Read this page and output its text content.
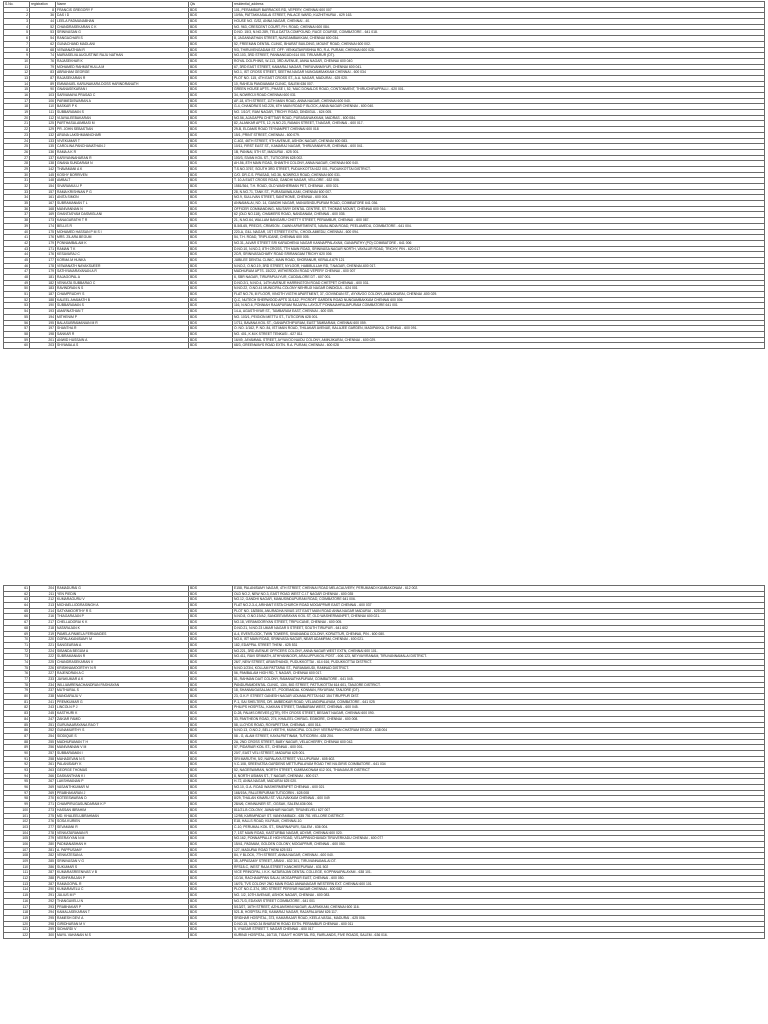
S.No.	registration	Name	Qls	residential_address
1	8	FRANCIS GREGORY F	BDS	101, PERAMBUR BARRACKS RD, VEPERY, CHENNAI 600 007
2	36	DAS I D	BDS	10/9A, PATTAKKASALAI STREET, PALACE WARD, KUZHITHURAI - 629 163.
3	44	LEELA PADMANABHAN	BDS	HOUSE NO. G/32, ANNA NAGAR, CHENNAI - 40.
4	52	CHANDRASEKARAN C K	BDS	NO. 963, CRESCENT COURT, P.H. ROAD, CHENNAI 600 084.
5	53	SRINIVASAN G	BDS	D.NO. 15/3, N.NO.289, TELA DATTA COMPOUND, RACE COURSE, COIMBATORE - 641 018.
6	54	RANGACHARI S	BDS	8, JAGANNATHAN STREET, NUNGAMBAKKAM, CHENNAI 600 034.
7	62	GUNACHAND MADLANI	BDS	52, FREEMAN DENTAL CLINIC, BHARAT BUILDING, MOUNT ROAD, CHENNAI 600 002.
8	68	VISWANATHAN R	BDS	9/3, THIRUVENGADAM ST. OFF: VENKATAKRISHNA RD, R.A. PURAM, CHENNAI 600 028.
9	74	MARIASELVA AUGUSTINE RAJU NATHAN	BDS	NO.103, 3RD STREET, PANNANGUDI 614 001 TIRUVARUR (DT).
10	76	RAJASEKHAR K	BDS	ROYAL DOLPHINS, W-113, 3RD AVENUE, ANNA NAGAR, CHENNAI 600 040.
11	79	MOHAMED RAHMATHULLA M	BDS	67, 3RD EAST STREET, KAMARAJ NAGAR, THIRUVANMIYUR, CHENNAI 600 041.
12	83	ABRAHAM GEORGE	BDS	NO.1, IST CROSS STREET, SEETHA NAGAR NUNGAMBAKKAM CHENNAI - 600 034
13	87	RAJASEKARAN R	BDS	PLOT NO. 115, 4TH EAST CROSS ST., A.A. NAGAR, MADURAI - 625 020.
14	89	EMMANUEL KARUNAKARA DOSS HARINDRANATH	BDS	10, RAHEJA PANDIAMAM CLINIC, SALEM 636 007.
15	90	GNANASEKARAN I	BDS	GREEN HOUSE APTS., PHASE I, 52, 'MAC DONALDS ROAD, CONTONMENT, THIRUCHIRAPPALLI - 620 001.
16	103	SARVAMAYA PRASAD C	BDS	34, NOWROJI ROAD CHENNAI 600 031
17	106	PARIMEDISWARAN A	BDS	AF-18, 6TH STREET, 11TH MAIN ROAD, ANNA NAGAR, CHENNAI 600 040.
18	110	BASKAR P K	BDS	G-4, CHANDRA'S NO.226, 6TH MAIN ROAD F BLOCK, ANNA NAGAR CHENNAI - 600 040.
19	111	SUBBARAMAN S	BDS	NO. 1/10/7, RAM NAGAR, TRICHY ROAD, DINDIGUL - 624 005.
20	112	VIJAYALEEBAKARAN	BDS	NO.56, AJAGAPPA CHETTIAR ROAD, PURASAIWAKKAM, MADRAS - 600 084.
21	125	PARTHASULAIMBASI M	BDS	82, ALANKAR APTS, 12, N.NO.23, RAMAN STREET, T.NAGAR, CHENNAI - 600 017.
22	129	PR. JOHN SEBASTIAN	BDS	29-B, ELDAMS ROAD TEYNAMPET CHENNAI 600 018
23	132	ARUNA LAKSHMANNCHARI	BDS	15/1, PRINT STREET, CHENNAI - 600 079.
24	133	VIVEKUMAR T	BDS	C-402, 46TH STREET, 9TH AVENUE, ASHOK NAGAR, CHENNAI 600 083.
25	135	CAROLINA PANCHANATHAN J	BDS	10/11, FIRST EAST ST., KAMARAJ NAGAR, THIRUVANMIYUR, CHENNAI - 600 041.
26	136	RAMA A K R	BDS	1B, PANNAI, 5TH ST, MADURAI - 625 001.
27	137	KARIYANNAHARAN R	BDS	100/3, SIVAN KOIL ST., TUTICORIN 628 002.
28	138	GNANA SUNDARAM N	BDS	AH-56, 8TH MAIN ROAD, SHANTHI COLONY, ANNA NAGAR, CHENNAI 600 040.
29	142	THAVAMANI A K	BDS	T.S.NO.3767, SOUTH 3RD STREET, PUDUKKOTTAI 622 001, PUDUKKOTTAI DISTRICT.
30	145	KOSHY BORRIVEN	BDS	C/O. DR.C.S. PRASAD, NO.36, NOWROJI ROAD, CHENNAI 600 031.
31	148	AMBALT	BDS	T. 10-A EAST CROSS ROAD, GANDHI NAGAR, VELLORE - 632 006.
32	154	SIVARAMULU P	BDS	1581/364, T.H. ROAD, OLD WASHERMAN PET, CHENNAI - 600 021.
33	157	RAMA KRISHNAN P G	BDS	28, N.NO.71, TANK ST., PURASAIWALKAM, CHENNAI 600 007.
34	161	ANITA SIMON	BDS	NO.9, SULLIVAN STREET, SANTHOME, CHENNAI - 600 004.
35	167	SUBRAMANIAN T L	BDS	ANNAMALAI, NO. 14, GANDHI NAGAR, MANUSINDUPURAM ROAD, COIMBATORE 641 036.
36	168	MANIVANNAN N	BDS	OFFICER COMMANDING- MILITARY DENTAL CENTRE, ST. THOMAS MOUNT, CHENNAI 600 016.
37	169	GHANTASYAM DASMIGLANI	BDS	62 (OLD NO.118), CHAMIERS ROAD, NANDANAM, CHENNAI - 600 035.
38	173	KANAGARATHI T R	BDS	21, N.NO.64, WALLAM BANGARU CHETTY STREET, PERAMBUR, CHENNAI - 600 087.
39	174	BELLIS R	BDS	B-5/8-65, PRECIS, CRIMSON - DAWN APARTMENTS, NAVALINDIA ROAD, PEELAMEDU, COIMBATORE - 641 004.
40	175	MOHAMED HASSAN P M S I	BDS	220-A, GILL NAGAR, 1ST STREET EXTN., CHOOLAIMEDU, CHENNAI - 600 094.
41	176	MRS. ZILARA BEGUM	BDS	54, T.H. ROAD, TRIPLICANE, CHENNAI 600 005.
42	179	PONNAMBALAM K	BDS	NO.31, ALVAR STREET SRI KARADHENU NAGAR KANNAPPALAYAM, GANAPATHY (PO) COIMBATORE - 641 006
43	171	RAMAN T K	BDS	D.NO.10, N.NO.2, 8TH CROSS, 7TH MAIN ROAD, SRINIVASA NAGAR NORTH, VAYALUR ROAD, TRICHY, PIN - 620 017
44	176	KESAVARAJ C	BDS	2C/9, SRINIVASACHARY ROAD SRIRANGAM TRICHY 620 006
45	177	KORMA M HUNKA	BDS	JUBILEE DENTAL CLINIC, MAIN ROAD, SHORANUR, KERALA 679 121
46	178	VISWANATH NAYAKSUEER	BDS	N.NO.2, O.NO.19, 3RD STREET, NYLOOR, HABIBULLAH RD, T.NAGAR, CHENNAI-600 017.
47	179	SATHYANARAYANAN A R	BDS	MADHURAM APTS. 15/222, WITHERDON ROAD VEPERY CHENNAI - 600 007
48	181	RAJAGOPAL A	BDS	6, SBR NAGAR, TIRUPAPULIYUR, CUDDALORE DT - 607 001.
49	182	VENKATA SUBBARAO C	BDS	D.NO.2/1, N.NO.4, 14TH AVENUE HARRINGTON ROAD CHETPET CHENNAI - 600 031.
50	183	RAVINDRAN N S	BDS	N.NO.22, O.NO.41 MUNICIPAL COLONY NEHRUJI NAGAR DINDIGUL - 624 001
51	187	CHAMPRUDHY S	BDS	FLAT NO.76, III FLOOR, VINOTH VIGTHI APARTMENT, 37, GOVINDAN ST., AYYAVOO COLONY, AMINJIKARAI, CHENNAI -600 029.
52	188	KALEEL AHAMATH B	BDS	Q-C, NUTECH SHERWOOD APTS 31/1&2, PYCROFT GARDEN ROAD NUNGAMBAKKAM CHENNAI 600 006
53	190	SUBBARAMAN S	BDS	116, N.NO.6, PONNIAH RAJAPURAM RAJAPAL LAYOUT PONNAIAHRAJAPURAM COIMBATORE 641 001
54	193	AMARNATHAN T	BDS	14-A, AGASTHIYAR ST., TAMBARAM EAST, CHENNAI - 600 059.
55	194	MITHENIM P	BDS	NO. 103/1, PEIGION METTU ST., TUTICORIN 628 001.
56	195	BALASUBRAMANIAN M R	BDS	1/711, BAVANA KOIL ST., GANAPATHIPURAM, EAST TAMBARAM, CHENNAI 600 059.
57	197	SHANTHA R	BDS	O. NO. 1/162, P. NO. 84, IST MAIN ROAD, THILAKAR AVENUE, BALAJEE GARDEN, MADIPAKKA, CHENNAI - 600 091.
58	198	SANKAR R	BDS	NO. 401, K.M.K STREET TENKASI - 627 811
59	201	ANWID HUSSAIN A	BDS	16/49, JAYAMMAL STREET, AYYAVOO NAIDU COLONY, AMINJIKARAI, CHENNAI - 600 029.
60	203	SHYAMALA S	BDS	68/3, GREENWAYS ROAD EXTN. R.A. PURAM, CHENNAI - 600 028
61	204	RAMADURAI G	BDS	E158, PALANISAMY NAGAR, 4TH STREET, CHENNAI ROAD MELACAUVERY, PERUMANDI KUMBAKONAM - 612 002.
62	211	YEN PIEDIN	BDS	OLD NO.2, NEW NO.3, EAST ROAD WEST C.I.T NAGAR CHENNAI - 600 035
63	212	KUMARAGURU V	BDS	NO.12, GANDHI NAGAR, MANUSINDUPURAM ROAD, COIMBATORE 641 006.
64	213	MICHAELLIODRASINGH A	BDS	FLAT NO.2-3-4, ARIHANT ESTA CHURCH ROAD MOGAPPAIR EAST CHENNAI - 600 037
65	214	SATYAMOORTHY R S	BDS	PLOT NO. 18/2806, ANURADHA NIVAS 1ST EAST MAIN ROAD ANNA NAGAR MADURAI - 625 020
66	216	THIAGARAJAN P	BDS	N.NO.8, O.NO.19/A2, SANGEEVARAYAN KOIL ST, OLD WASHERMANPET, CHENNAI 600 021.
67	217	CHELLADORAI K K	BDS	NO.18, VERAMOORIYAN STREET, TRIPLICANE, CHENNAI - 600 005.
68	218	NATARAJAN K	BDS	D.NO.21, N.NO.23 UMAR NAGAR 5 STREET, SOUTH TIRUPUR - 641 602
69	219	PAMELA PAMELA FERNANDES	BDS	A-4, EVENTLOCK, TWIN TOWERS, SIVANANDA COLONY, KORATTUR, CHENNAI, PIN - 600 080.
70	220	GOPALAKANISAMY M	BDS	NO.6, IST MAIN ROAD, SRINIVASA NAGAR, NEAR ADAMPAM, CHENNAI - 600 021.
71	221	SANGEARAN A	BDS	182, EDAPPAL STREET THENI - 625 531
72	224	SIBANDA BEGUM A	BDS	NO.221, 3RD AVENUE OFFICERS COLONY, ANNA NAGAR WEST EXTN, CHENNAI 600 101.
73	222	SUBRAMANIAN R	BDS	NO.411, RAVI SRIMATH, ATHIYANNOOR, ARALUPPUKOIL POST - 606 123, NEYVAYIRANAM, TIRUVANNAMALAI DISTRICT.
74	225	CHANDRASEKARAN V	BDS	26/7, NEW STREET, ARANTHANGI, PUDUKKOTTAI - 614 616, PUDUKKOTTAI DISTRICT.
75	226	KRISHNAMOORTHY N R	BDS	N.NO.1/23/4, KOLLAM PATTARAI ST., PARAMAKUDI, RAMNAD DISTRICT.
76	227	RAJENDRAN A C	BDS	56, PAMBALAM HIGH RD, T. NAGAR, CHENNAI 600 017.
77	233	JAYAKUMAR A K	BDS	81, RAHMAN DAIT COLONY, RAMANATHAPURAM, COIMBATORE - 641 045.
78	234	WILLIAMRENACHANDRAN PASHIAYAN	BDS	PANDURAMDENTAL CLINIC, 13/4, BIG STREET, PATTUKOTTAI 614 601, TANJORE DISTRICT.
79	237	MUTHURAL S	BDS	18, SHANMUGASALAM ST., POOEMADAL KONMAN, PAYURAM, TANJORE (DT).
80	238	MANGARAJU V	BDS	23, G.K.P. STREET GANESH NAGAR UDUMALPETTAI 642 154 TIRUPPUR DIST.
81	241	PREMKUMAR G	BDS	P-1, SAI SHELTERS, DR. AMBEDKAR ROAD, VELANDIPALAYAM, COIMBATORE - 641 025
82	243	LINCOLN P J	BDS	PHILIPS HOSPITAL, KAKKAN STREET, TAMBARAM WEST, CHENNAI - 600 045.
83	245	KASTHURI K	BDS	D-28, PALMS DREVES (QTR), 9TH CROSS STREET, BESANT NAGAR, CHENNAI 600 090.
84	247	ZAKIAR FAMID	BDS	33, PANTHEON ROAD, 274, KHALEEL CHIRAG- EGMORE, CHENNAI - 600 008.
85	251	GURUNAARAYANA RAO T	BDS	58, LLOYDS ROAD, ROYAPETTAH, CHENNAI - 600 014.
86	252	GUNAMURTHY S	BDS	N.NO.13, O.NO.2, BELLI VEETHI, MUNICIPAL COLONY VEERAPPAN CHATRAM ERODE - 638 004
87	254	SIDDIQUE S	BDS	58 - G, ALAM STREET, KAYALPATTINAM, TUTICORIN - 628 204.
88	255	MADHURAMAN T H	BDS	2A, 2ND CROSS STREET, BABY NAGAR, VELACHERRY, CHENNAI 600 042.
89	256	MANIVANNAN V M	BDS	57, PIDARIAR KOIL ST., CHENNAI - 600 001.
90	257	SUBBARAMAN I	BDS	20/7, EAST VELI STREET, MADURAI 625 001.
91	258	MAHADEVAN N S	BDS	SRI MARUTHI, 5/2, NAPALAYA STREET, VILLUPURAM - 605 602.
92	261	PALANISAMY K	BDS	V.C.108, SREEVATSA GARDENS METTUPALAYAM ROAD THE NILGIRIS COIMBATORE - 641 034
93	263	GEORGE THOMAS	BDS	52, NAGESWARAN, NORTH STREET, KUMBAKONAM 612 001, THANJAVUR DISTRICT
94	266	DASKANTHAN K I	BDS	8, NORTH USMAN ST., T NAGAR, CHENNAI - 600 017.
95	267	LAKSHMANAN P	BDS	H-72, ANNA NAGAR, MADURAI 625 020.
96	269	VASANTHKUMAR M	BDS	NO.10, G.A. ROAD WASHERMENPET CHENNAI - 600 021
97	269	PRABHAKARAN J	BDS	166/19A, PALLERIPURAM TUTICORIN - 628 008
98	270	KOTEESWARAN D	BDS	8/29, THALAN KINARU ST. VILLIVAKKAM CHENNAI - 600 049
99	271	CHAMPIRUGASUNDARAM K P	BDS	28/4/6, CHINNUNER ST., OGSAK, SALEM-636 006.
100	273	HASSAN IBRAHIM	BDS	811/21-B COLONY, JAWAHAR NAGAR, TIRUNELVELI 627 007
101	275	MD. KHALEELUBRAHMAN	BDS	12/98, KARIMPADAY ST. VANIYAMBADI - 635 751 VELLORE DISTRICT.
102	276	SOSA KURIEN	BDS	E18, HALLS ROAD, KILPAUK, CHENNAI-10.
103	277	SEVAMANI R	BDS	C-10, PERUMAL KOIL ST., SWARNAPURI, SALEM - 636 004.
104	278	VENKATARAMAN R	BDS	7, 1ST MAIN ROAD, KASTURBAI NAGAR, ADYAR, CHENNAI 600 020.
105	279	VEERAYYAN N M	BDS	NO.162, PONNAPPALLE HIGH ROAD, VELAPPANCHAVADI TIRUVERKADU CHENNAI - 600 077
106	280	PADMANABHAN H	BDS	15/41, PADMAM, GOLDEN COLONY, MOGAPPAIR, CHENNAI - 600 050.
107	281	A. PAPPUSAMY	BDS	127, MADURAI ROAD THENI 625 531
108	282	VENKATESAN A	BDS	84, Y BLOCK, 7TH STREET, ANNA NAGAR, CHENNAI - 600 040.
109	285	SRINIVASAN V G	BDS	35, APPASAMY STREET, ARANI - 632 301, TIRUVANNAMALAI DT.
110	286	SUKUMAR S	BDS	RFS18-C, WEST RAJA STREET KANCHEEPURAM - 631 502
111	287	KUMARASREENIVAS V B	BDS	VICE PRINCIPAL, I.K.K. NATARAJAN DENTAL COLLEGE, KOPPANAPALAYAM - 638 101.
112	288	PUSHPARAJAN P	BDS	1C/16, RACHAIAPPAN SALAI, MOGAPPAIR EAST, CHENNAI - 600 050.
113	287	RAMAGOPAL R	BDS	16/76, TVS COLONY 2ND MAIN ROAD ANNANAGAR WESTERN EXT. CHENNAI 600 101
114	290	KUMARAVELU C	BDS	PLOT NO.C-374, 3RD STREET PERIYAR NAGAR CHENNAI - 600 082
115	291	JULIUS M P	BDS	NO. 1/2, 10TH AVENUE, ASHOK NAGAR, CHENNAI - 600 083.
116	292	THANGAVELU N	BDS	NO.71/3, EDAYAR STREET COIMBATORE - 641 001
117	293	PRABHAKAR P	BDS	5/13/27, 16TH STREET, AZHLANSHINI NAGAR, ALAPAKKAM, CHENNAI 600 116.
118	294	KAMALASEKARAN T	BDS	521-B, HOSPITAL RD, KAMARAJ NAGAR, RAJAPALAYAM 626 117.
119	295	RAMESH DEVI A	BDS	SRIDHAR HOSPITAL, 373, KAMARAJAR ROAD, KEELA VASAL, MADURAI - 625 006.
120	298	GIRIDHARAN M V	BDS	D.NO.15, N.NO.34 BHARATHI ROAD EXTN. PERAMBUR CHENNAI - 600 011
121	299	SIDHARDI V	BDS	5, VYASAR STREET T. NAGAR CHENNAI - 600 017
122	300	MAYIL VAHANAN M S	BDS	KURINJI HOSPITAL, 16/715, TIGAIYT HOSPITAL RD, FAIRLANDS, FIVE ROADS, SALEM - 636 016.
